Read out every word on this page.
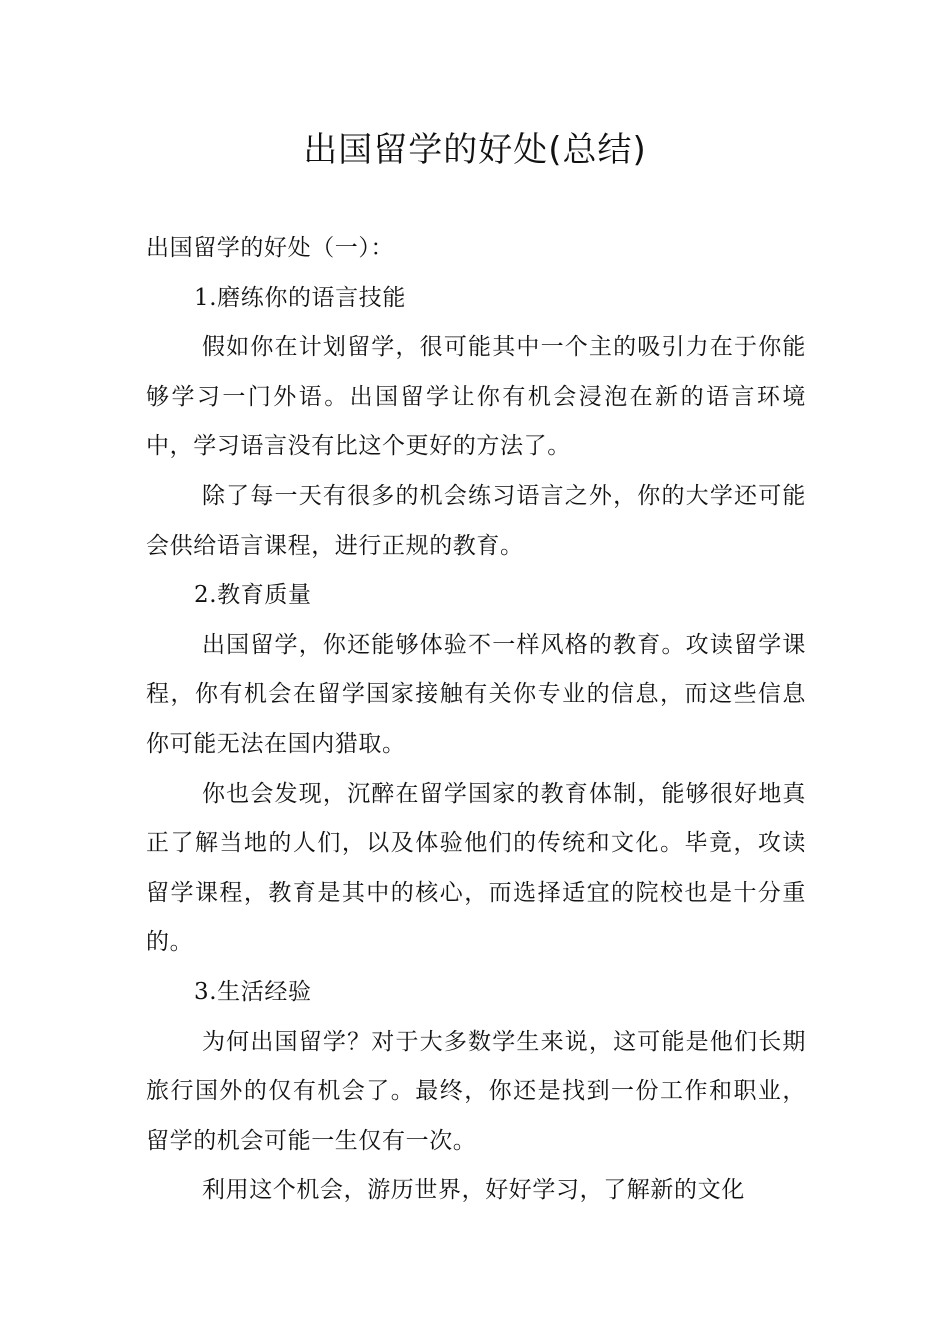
出国留学的好处(总结)

出国留学的好处（一）：

1.磨练你的语言技能

假如你在计划留学，很可能其中一个主的吸引力在于你能够学习一门外语。出国留学让你有机会浸泡在新的语言环境中，学习语言没有比这个更好的方法了。

除了每一天有很多的机会练习语言之外，你的大学还可能会供给语言课程，进行正规的教育。

2.教育质量

出国留学，你还能够体验不一样风格的教育。攻读留学课程，你有机会在留学国家接触有关你专业的信息，而这些信息你可能无法在国内猎取。

你也会发现，沉醉在留学国家的教育体制，能够很好地真正了解当地的人们，以及体验他们的传统和文化。毕竟，攻读留学课程，教育是其中的核心，而选择适宜的院校也是十分重的。

3.生活经验

为何出国留学？对于大多数学生来说，这可能是他们长期旅行国外的仅有机会了。最终，你还是找到一份工作和职业，留学的机会可能一生仅有一次。

利用这个机会，游历世界，好好学习，了解新的文化
